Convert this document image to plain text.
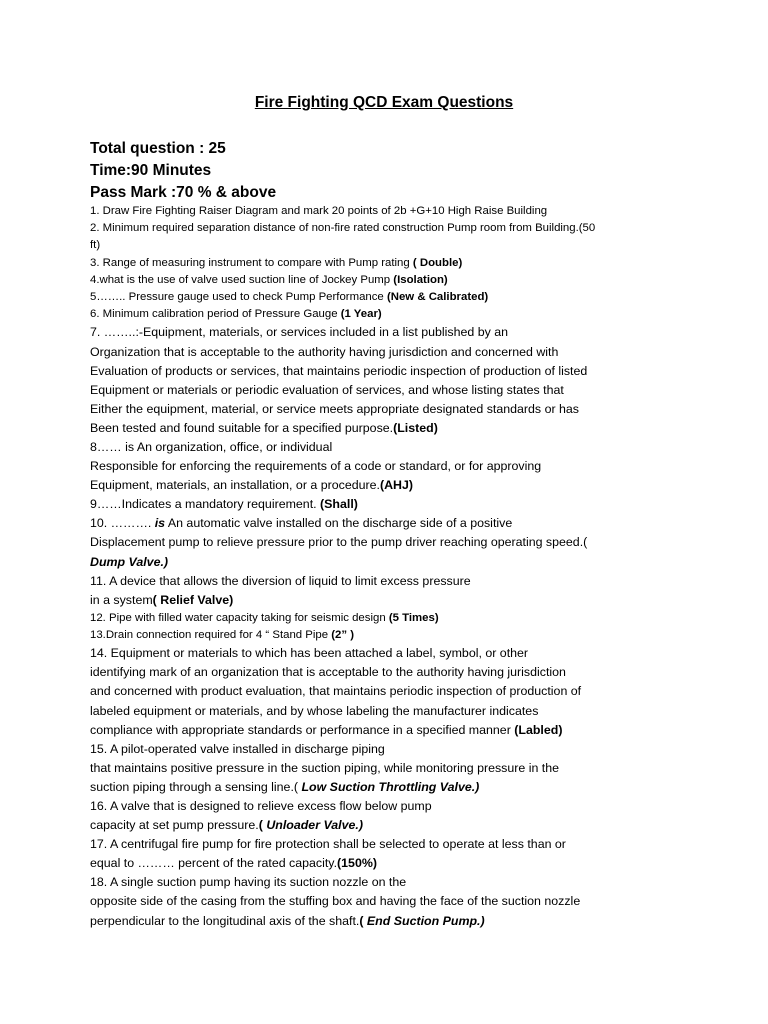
Fire Fighting QCD Exam Questions
Total question : 25
Time:90 Minutes
Pass Mark :70 % & above
1. Draw Fire Fighting Raiser Diagram and mark 20 points of 2b +G+10 High Raise Building
2. Minimum required separation distance of non-fire rated construction Pump room from Building.(50
ft)
3. Range of measuring instrument to compare with Pump rating ( Double)
4.what is the use of valve used suction line of Jockey Pump (Isolation)
5…….. Pressure gauge used to check Pump Performance (New & Calibrated)
6. Minimum calibration period of Pressure Gauge (1 Year)
7. ……..:-Equipment, materials, or services included in a list published by an
Organization that is acceptable to the authority having jurisdiction and concerned with
Evaluation of products or services, that maintains periodic inspection of production of listed
Equipment or materials or periodic evaluation of services, and whose listing states that
Either the equipment, material, or service meets appropriate designated standards or has
Been tested and found suitable for a specified purpose.(Listed)
8…… is An organization, office, or individual
Responsible for enforcing the requirements of a code or standard, or for approving
Equipment, materials, an installation, or a procedure.(AHJ)
9……Indicates a mandatory requirement. (Shall)
10. ………. is An automatic valve installed on the discharge side of a positive
Displacement pump to relieve pressure prior to the pump driver reaching operating speed.(
Dump Valve.)
11. A device that allows the diversion of liquid to limit excess pressure
in a system( Relief Valve)
12. Pipe with filled water capacity taking for seismic design (5 Times)
13.Drain connection required for 4 “ Stand Pipe (2” )
14. Equipment or materials to which has been attached a label, symbol, or other
identifying mark of an organization that is acceptable to the authority having jurisdiction
and concerned with product evaluation, that maintains periodic inspection of production of
labeled equipment or materials, and by whose labeling the manufacturer indicates
compliance with appropriate standards or performance in a specified manner (Labled)
15. A pilot-operated valve installed in discharge piping
that maintains positive pressure in the suction piping, while monitoring pressure in the
suction piping through a sensing line.( Low Suction Throttling Valve.)
16. A valve that is designed to relieve excess flow below pump
capacity at set pump pressure.( Unloader Valve.)
17. A centrifugal fire pump for fire protection shall be selected to operate at less than or
equal to ……… percent of the rated capacity.(150%)
18. A single suction pump having its suction nozzle on the
opposite side of the casing from the stuffing box and having the face of the suction nozzle
perpendicular to the longitudinal axis of the shaft.( End Suction Pump.)
